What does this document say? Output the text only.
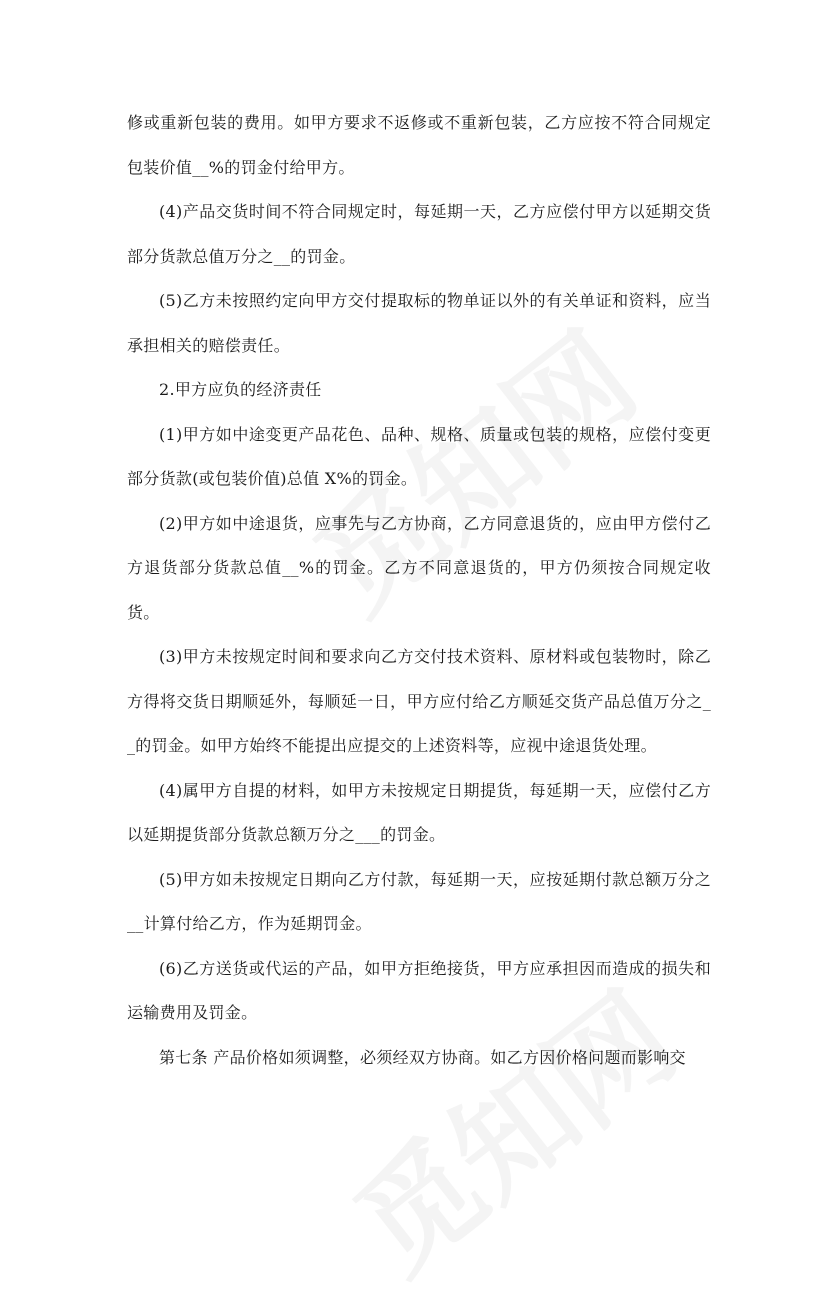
修或重新包装的费用。如甲方要求不返修或不重新包装，乙方应按不符合同规定包装价值__%的罚金付给甲方。

(4)产品交货时间不符合同规定时，每延期一天，乙方应偿付甲方以延期交货部分货款总值万分之__的罚金。

(5)乙方未按照约定向甲方交付提取标的物单证以外的有关单证和资料，应当承担相关的赔偿责任。

2.甲方应负的经济责任

(1)甲方如中途变更产品花色、品种、规格、质量或包装的规格，应偿付变更部分货款(或包装价值)总值 X%的罚金。

(2)甲方如中途退货，应事先与乙方协商，乙方同意退货的，应由甲方偿付乙方退货部分货款总值__%的罚金。乙方不同意退货的，甲方仍须按合同规定收货。

(3)甲方未按规定时间和要求向乙方交付技术资料、原材料或包装物时，除乙方得将交货日期顺延外，每顺延一日，甲方应付给乙方顺延交货产品总值万分之__的罚金。如甲方始终不能提出应提交的上述资料等，应视中途退货处理。

(4)属甲方自提的材料，如甲方未按规定日期提货，每延期一天，应偿付乙方以延期提货部分货款总额万分之___的罚金。

(5)甲方如未按规定日期向乙方付款，每延期一天，应按延期付款总额万分之__计算付给乙方，作为延期罚金。

(6)乙方送货或代运的产品，如甲方拒绝接货，甲方应承担因而造成的损失和运输费用及罚金。

第七条 产品价格如须调整，必须经双方协商。如乙方因价格问题而影响交
